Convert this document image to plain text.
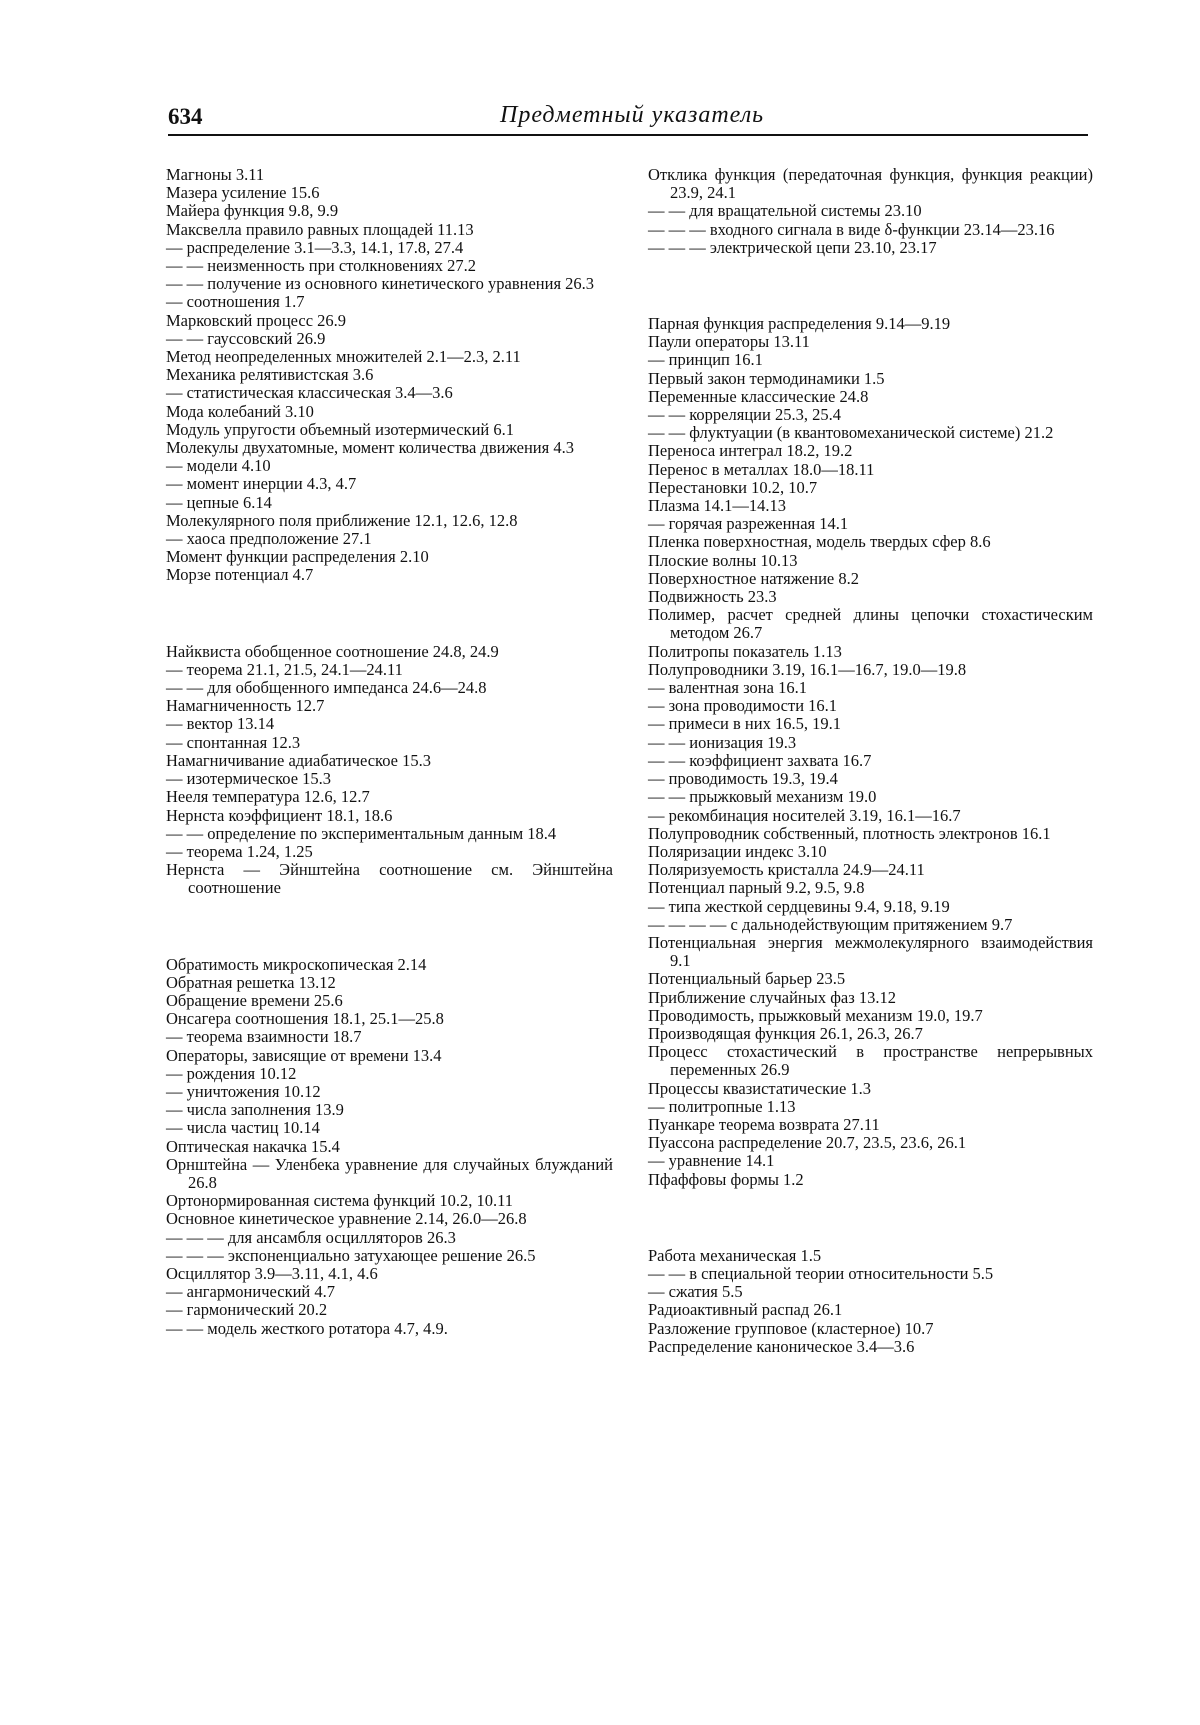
634	Предметный указатель

Магноны 3.11

Мазера усиление 15.6

Майера функция 9.8, 9.9

Максвелла правило равных площадей 11.13

— распределение 3.1—3.3, 14.1, 17.8, 27.4

— — неизменность при столкновениях 27.2

— — получение из основного кинетического уравнения 26.3

— соотношения 1.7

Марковский процесс 26.9

— — гауссовский 26.9

Метод неопределенных множителей 2.1—2.3, 2.11

Механика релятивистская 3.6

— статистическая классическая 3.4—3.6

Мода колебаний 3.10

Модуль упругости объемный изотермический 6.1

Молекулы двухатомные, момент количества движения 4.3

— модели 4.10

— момент инерции 4.3, 4.7

— цепные 6.14

Молекулярного поля приближение 12.1, 12.6, 12.8

— хаоса предположение 27.1

Момент функции распределения 2.10

Морзе потенциал 4.7

Найквиста обобщенное соотношение 24.8, 24.9

— теорема 21.1, 21.5, 24.1—24.11

— — для обобщенного импеданса 24.6—24.8

Намагниченность 12.7

— вектор 13.14

— спонтанная 12.3

Намагничивание адиабатическое 15.3

— изотермическое 15.3

Нееля температура 12.6, 12.7

Нернста коэффициент 18.1, 18.6

— — определение по экспериментальным данным 18.4

— теорема 1.24, 1.25

Нернста — Эйнштейна соотношение см. Эйнштейна соотношение

Обратимость микроскопическая 2.14

Обратная решетка 13.12

Обращение времени 25.6

Онсагера соотношения 18.1, 25.1—25.8

— теорема взаимности 18.7

Операторы, зависящие от времени 13.4

— рождения 10.12

— уничтожения 10.12

— числа заполнения 13.9

— числа частиц 10.14

Оптическая накачка 15.4

Орнштейна — Уленбека уравнение для случайных блужданий 26.8

Ортонормированная система функций 10.2, 10.11

Основное кинетическое уравнение 2.14, 26.0—26.8

— — — для ансамбля осцилляторов 26.3

— — — экспоненциально затухающее решение 26.5

Осциллятор 3.9—3.11, 4.1, 4.6

— ангармонический 4.7

— гармонический 20.2

— — модель жесткого ротатора 4.7, 4.9.

Отклика функция (передаточная функция, функция реакции) 23.9, 24.1

— — для вращательной системы 23.10

— — — входного сигнала в виде δ-функции 23.14—23.16

— — — электрической цепи 23.10, 23.17

Парная функция распределения 9.14—9.19

Паули операторы 13.11

— принцип 16.1

Первый закон термодинамики 1.5

Переменные классические 24.8

— — корреляции 25.3, 25.4

— — флуктуации (в квантовомеханической системе) 21.2

Переноса интеграл 18.2, 19.2

Перенос в металлах 18.0—18.11

Перестановки 10.2, 10.7

Плазма 14.1—14.13

— горячая разреженная 14.1

Пленка поверхностная, модель твердых сфер 8.6

Плоские волны 10.13

Поверхностное натяжение 8.2

Подвижность 23.3

Полимер, расчет средней длины цепочки стохастическим методом 26.7

Политропы показатель 1.13

Полупроводники 3.19, 16.1—16.7, 19.0—19.8

— валентная зона 16.1

— зона проводимости 16.1

— примеси в них 16.5, 19.1

— — ионизация 19.3

— — коэффициент захвата 16.7

— проводимость 19.3, 19.4

— — прыжковый механизм 19.0

— рекомбинация носителей 3.19, 16.1—16.7

Полупроводник собственный, плотность электронов 16.1

Поляризации индекс 3.10

Поляризуемость кристалла 24.9—24.11

Потенциал парный 9.2, 9.5, 9.8

— типа жесткой сердцевины 9.4, 9.18, 9.19

— — — — с дальнодействующим притяжением 9.7

Потенциальная энергия межмолекулярного взаимодействия 9.1

Потенциальный барьер 23.5

Приближение случайных фаз 13.12

Проводимость, прыжковый механизм 19.0, 19.7

Производящая функция 26.1, 26.3, 26.7

Процесс стохастический в пространстве непрерывных переменных 26.9

Процессы квазистатические 1.3

— политропные 1.13

Пуанкаре теорема возврата 27.11

Пуассона распределение 20.7, 23.5, 23.6, 26.1

— уравнение 14.1

Пфаффовы формы 1.2

Работа механическая 1.5

— — в специальной теории относительности 5.5

— сжатия 5.5

Радиоактивный распад 26.1

Разложение групповое (кластерное) 10.7

Распределение каноническое 3.4—3.6
